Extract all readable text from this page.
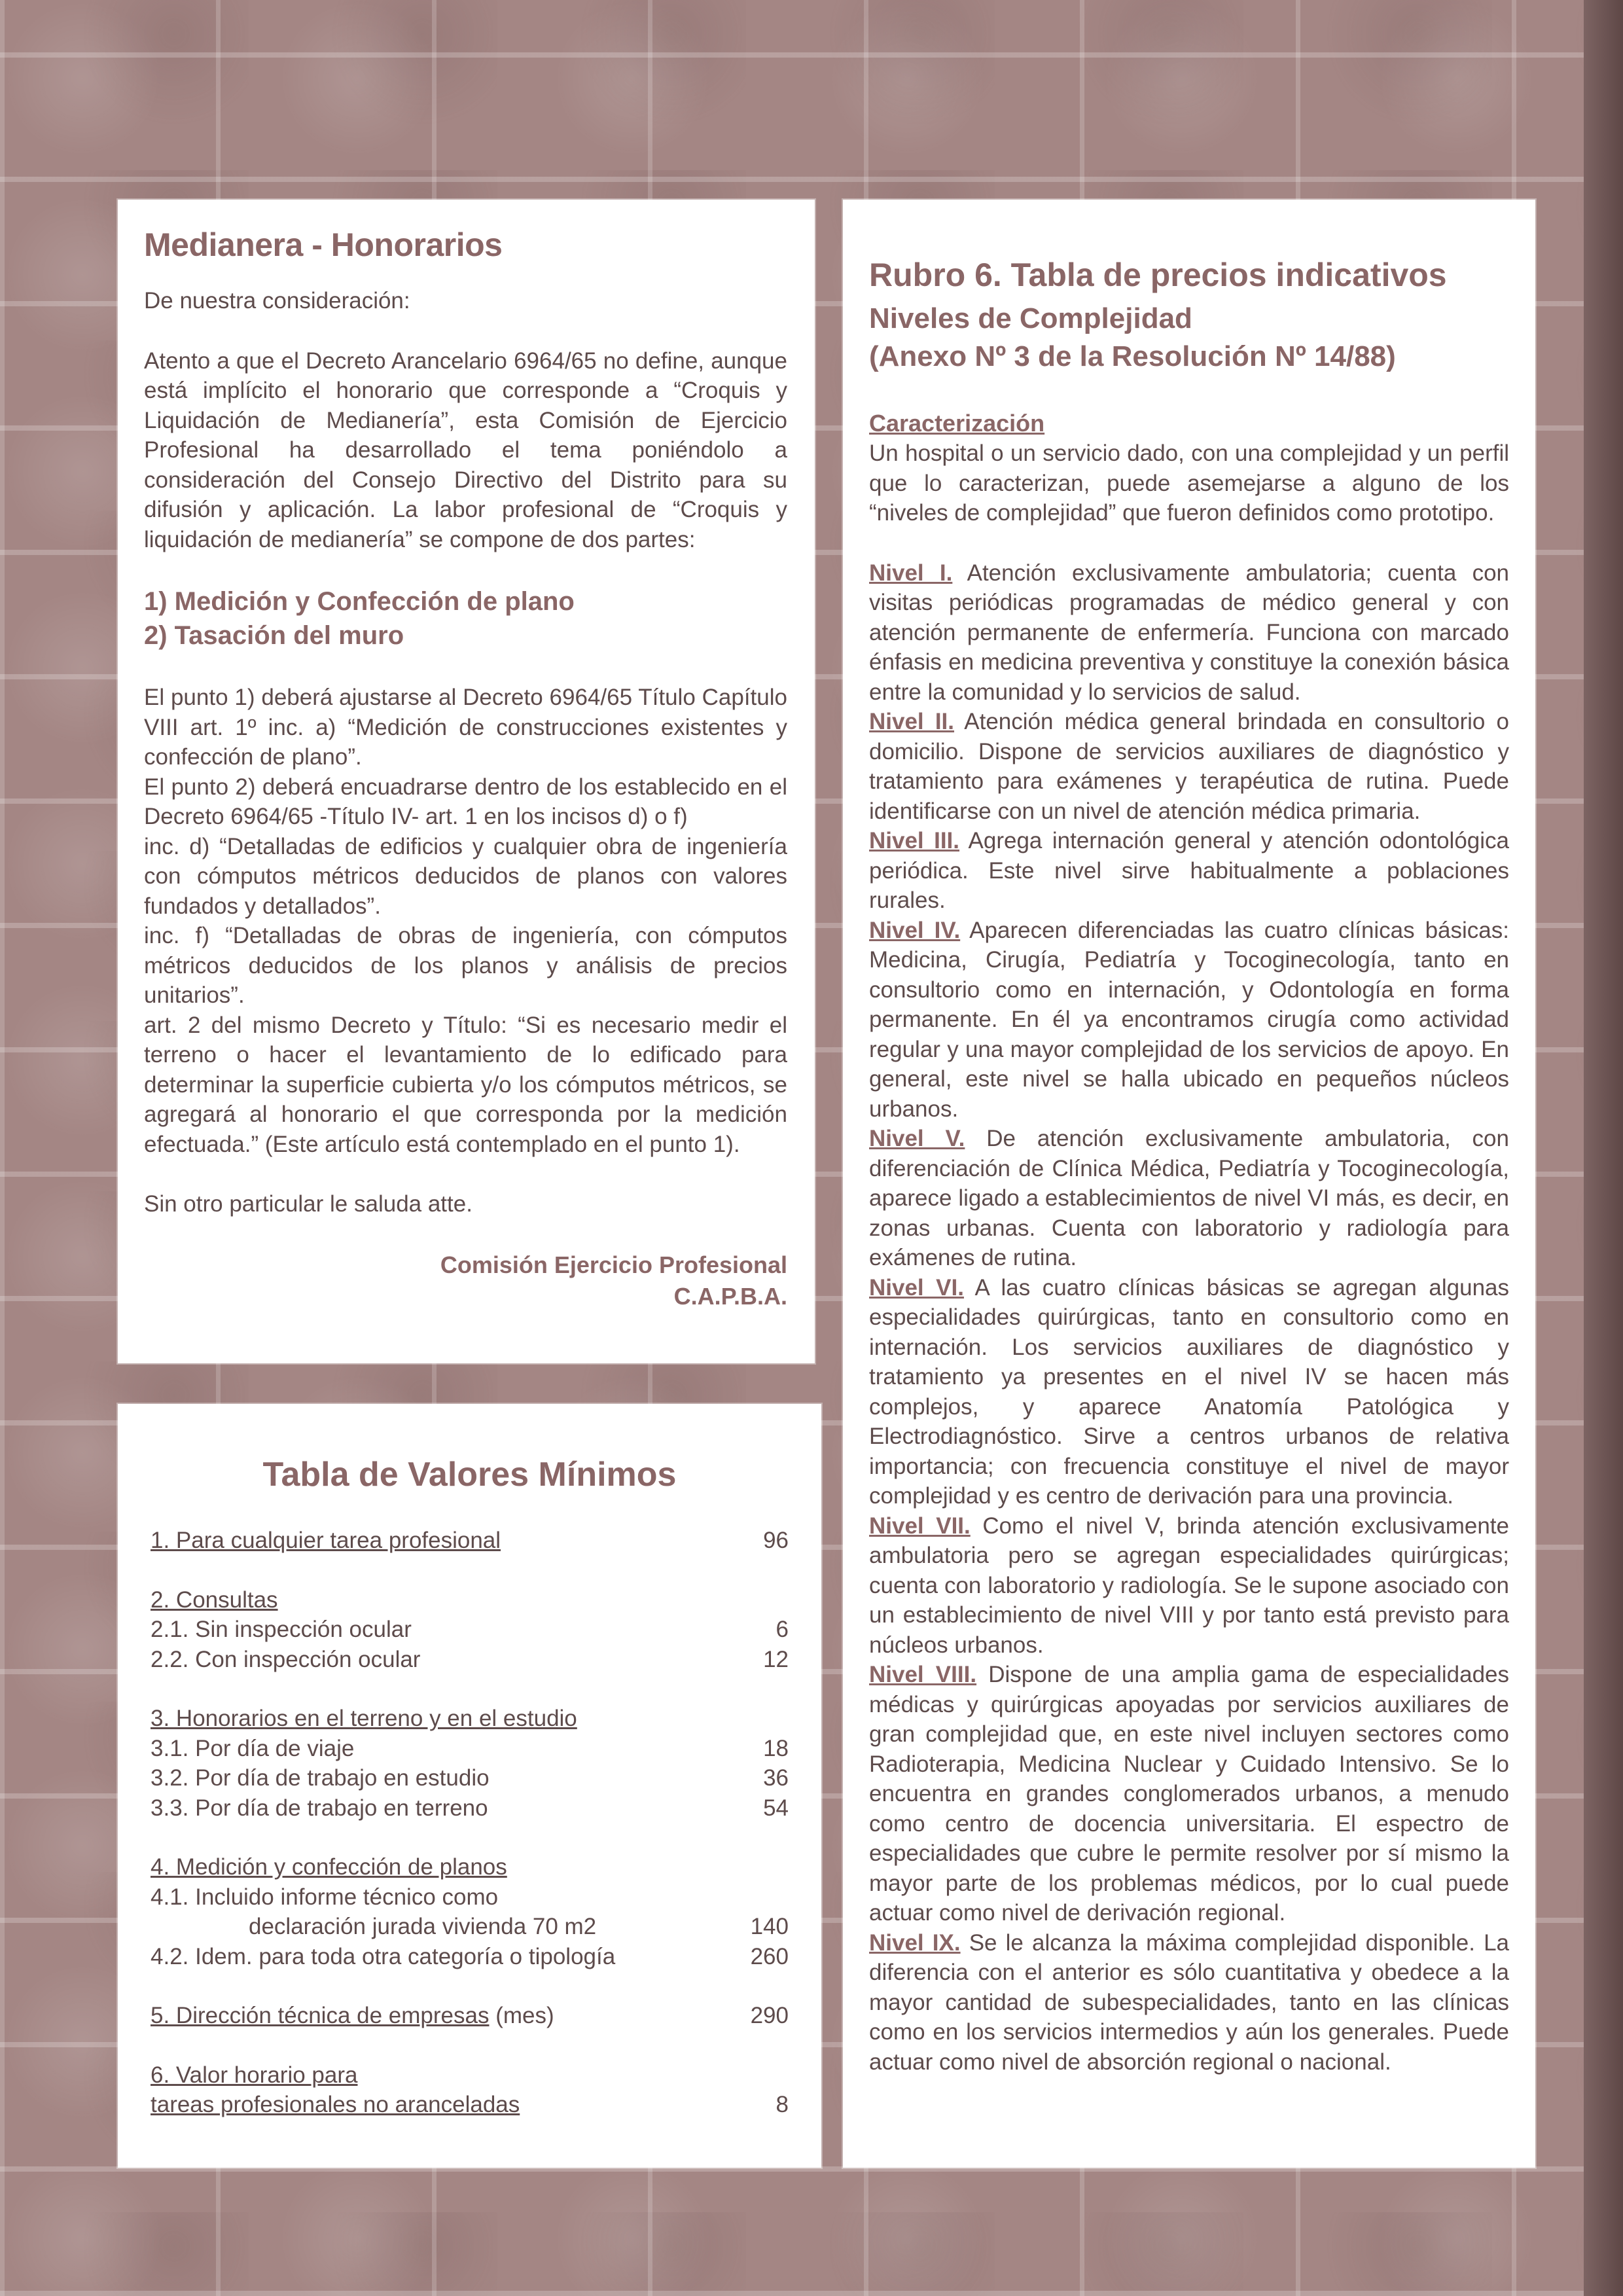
Medianera - Honorarios

De nuestra consideración:

Atento a que el Decreto Arancelario 6964/65 no define, aunque está implícito el honorario que corresponde a “Croquis y Liquidación de Medianería”, esta Comisión de Ejercicio Profesional ha desarrollado el tema poniéndolo a consideración del Consejo Directivo del Distrito para su difusión y aplicación. La labor profesional de “Croquis y liquidación de medianería” se compone de dos partes:

1) Medición y Confección de plano

2) Tasación del muro

El punto 1) deberá ajustarse al Decreto 6964/65 Título Capítulo VIII art. 1º inc. a) “Medición de construcciones existentes y confección de plano”.

El punto 2) deberá encuadrarse dentro de los establecido en el Decreto 6964/65 -Título IV- art. 1 en los incisos d) o f)

inc. d) “Detalladas de edificios y cualquier obra de ingeniería con cómputos métricos deducidos de planos con valores fundados y detallados”.

inc. f) “Detalladas de obras de ingeniería, con cómputos métricos deducidos de los planos y análisis de precios unitarios”.

art. 2 del mismo Decreto y Título: “Si es necesario medir el terreno o hacer el levantamiento de lo edificado para determinar la superficie cubierta y/o los cómputos métricos, se agregará al honorario el que corresponda por la medición efectuada.” (Este artículo está contemplado en el punto 1).

Sin otro particular le saluda atte.

Comisión Ejercicio Profesional

C.A.P.B.A.

Tabla de Valores Mínimos
1. Para cualquier tarea profesional	96
2. Consultas
2.1. Sin inspección ocular	6
2.2. Con inspección ocular	12
3. Honorarios en el terreno y en el estudio
3.1. Por día de viaje	18
3.2. Por día de trabajo en estudio	36
3.3. Por día de trabajo en terreno	54
4. Medición y confección de planos
4.1. Incluido informe técnico como
declaración jurada vivienda 70 m2	140
4.2. Idem. para toda otra categoría o tipología	260
5. Dirección técnica de empresas (mes)	290
6. Valor horario para
tareas profesionales no aranceladas	8
Rubro 6. Tabla de precios indicativos
Niveles de Complejidad
(Anexo Nº 3 de la Resolución Nº 14/88)

Caracterización

Un hospital o un servicio dado, con una complejidad y un perfil que lo caracterizan, puede asemejarse a alguno de los “niveles de complejidad” que fueron definidos como prototipo.

Nivel I. Atención exclusivamente ambulatoria; cuenta con visitas periódicas programadas de médico general y con atención permanente de enfermería. Funciona con marcado énfasis en medicina preventiva y constituye la conexión básica entre la comunidad y lo servicios de salud.

Nivel II. Atención médica general brindada en consultorio o domicilio. Dispone de servicios auxiliares de diagnóstico y tratamiento para exámenes y terapéutica de rutina. Puede identificarse con un nivel de atención médica primaria.

Nivel III. Agrega internación general y atención odontológica periódica. Este nivel sirve habitualmente a poblaciones rurales.

Nivel IV. Aparecen diferenciadas las cuatro clínicas básicas: Medicina, Cirugía, Pediatría y Tocoginecología, tanto en consultorio como en internación, y Odontología en forma permanente. En él ya encontramos cirugía como actividad regular y una mayor complejidad de los servicios de apoyo. En general, este nivel se halla ubicado en pequeños núcleos urbanos.

Nivel V. De atención exclusivamente ambulatoria, con diferenciación de Clínica Médica, Pediatría y Tocoginecología, aparece ligado a establecimientos de nivel VI más, es decir, en zonas urbanas. Cuenta con laboratorio y radiología para exámenes de rutina.

Nivel VI. A las cuatro clínicas básicas se agregan algunas especialidades quirúrgicas, tanto en consultorio como en internación. Los servicios auxiliares de diagnóstico y tratamiento ya presentes en el nivel IV se hacen más complejos, y aparece Anatomía Patológica y Electrodiagnóstico. Sirve a centros urbanos de relativa importancia; con frecuencia constituye el nivel de mayor complejidad y es centro de derivación para una provincia.

Nivel VII. Como el nivel V, brinda atención exclusivamente ambulatoria pero se agregan especialidades quirúrgicas; cuenta con laboratorio y radiología. Se le supone asociado con un establecimiento de nivel VIII y por tanto está previsto para núcleos urbanos.

Nivel VIII. Dispone de una amplia gama de especialidades médicas y quirúrgicas apoyadas por servicios auxiliares de gran complejidad que, en este nivel incluyen sectores como Radioterapia, Medicina Nuclear y Cuidado Intensivo. Se lo encuentra en grandes conglomerados urbanos, a menudo como centro de docencia universitaria. El espectro de especialidades que cubre le permite resolver por sí mismo la mayor parte de los problemas médicos, por lo cual puede actuar como nivel de derivación regional.

Nivel IX. Se le alcanza la máxima complejidad disponible. La diferencia con el anterior es sólo cuantitativa y obedece a la mayor cantidad de subespecialidades, tanto en las clínicas como en los servicios intermedios y aún los generales. Puede actuar como nivel de absorción regional o nacional.
